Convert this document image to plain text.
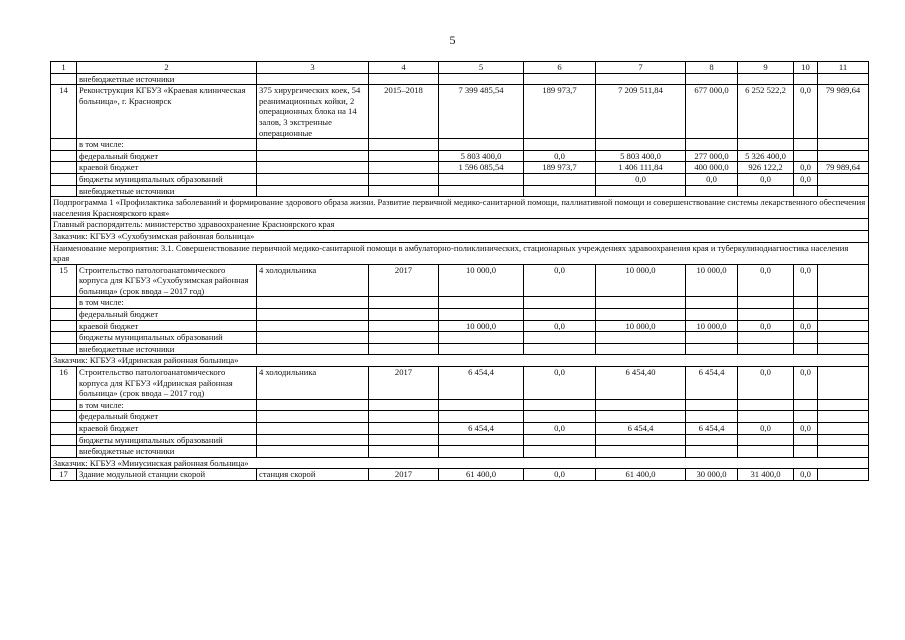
5
1	2	3	4	5	6	7	8	9	10	11
	внебюджетные источники									
14	Реконструкция КГБУЗ «Краевая клиническая больница», г. Красноярск	375 хирургических коек, 54 реанимационных койки, 2 операционных блока на 14 залов, 3 экстренные операционные	2015–2018	7 399 485,54	189 973,7	7 209 511,84	677 000,0	6 252 522,2	0,0	79 989,64
	в том числе:									
	федеральный бюджет			5 803 400,0	0,0	5 803 400,0	277 000,0	5 326 400,0		
	краевой бюджет			1 596 085,54	189 973,7	1 406 111,84	400 000,0	926 122,2	0,0	79 989,64
	бюджеты муниципальных образований					0,0	0,0	0,0	0,0	
	внебюджетные источники									
Подпрограмма 1 «Профилактика заболеваний и формирование здорового образа жизни. Развитие первичной медико-санитарной помощи, паллиативной помощи и совершенствование системы лекарственного обеспечения населения Красноярского края»										
Главный распорядитель: министерство здравоохранение Красноярского края										
Заказчик: КГБУЗ «Сухобузимская районная больница»										
Наименование мероприятия: 3.1. Совершенствование первичной медико-санитарной помощи в амбулаторно-поликлинических, стационарных учреждениях здравоохранения края и туберкулинодиагностика населения края										
15	Строительство патологоанатомического корпуса для КГБУЗ «Сухобузимская районная больница» (срок ввода – 2017 год)	4 холодильника	2017	10 000,0	0,0	10 000,0	10 000,0	0,0	0,0	
	в том числе:									
	федеральный бюджет									
	краевой бюджет			10 000,0	0,0	10 000,0	10 000,0	0,0	0,0	
	бюджеты муниципальных образований									
	внебюджетные источники									
Заказчик: КГБУЗ «Идринская районная больница»										
16	Строительство патологоанатомического корпуса для КГБУЗ «Идринская районная больница» (срок ввода – 2017 год)	4 холодильника	2017	6 454,4	0,0	6 454,40	6 454,4	0,0	0,0	
	в том числе:									
	федеральный бюджет									
	краевой бюджет			6 454,4	0,0	6 454,4	6 454,4	0,0	0,0	
	бюджеты муниципальных образований									
	внебюджетные источники									
Заказчик: КГБУЗ «Минусинская районная больница»										
17	Здание модульной станции скорой	станция скорой	2017	61 400,0	0,0	61 400,0	30 000,0	31 400,0	0,0	
